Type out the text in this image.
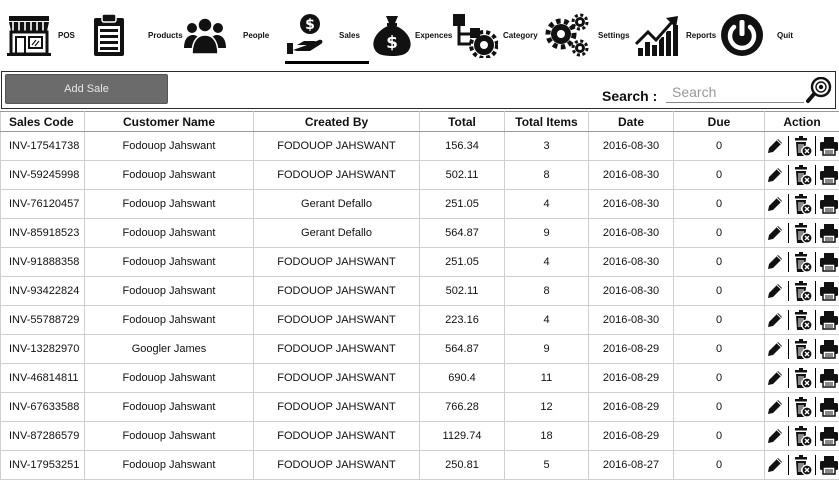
POS	Products	People
$
Sales $ Expences	Category	Settings	Reports	Quit
Add Sale	Search :
Search
Sales Code	Customer Name	Created By	Total	Total Items	Date	Due	Action
INV-17541738	Fodouop Jahswant	FODOUOP JAHSWANT	156.34	3	2016-08-30	0	

INV-59245998	Fodouop Jahswant	FODOUOP JAHSWANT	502.11	8	2016-08-30	0	

INV-76120457	Fodouop Jahswant	Gerant Defallo	251.05	4	2016-08-30	0	

INV-85918523	Fodouop Jahswant	Gerant Defallo	564.87	9	2016-08-30	0	

INV-91888358	Fodouop Jahswant	FODOUOP JAHSWANT	251.05	4	2016-08-30	0	

INV-93422824	Fodouop Jahswant	FODOUOP JAHSWANT	502.11	8	2016-08-30	0	

INV-55788729	Fodouop Jahswant	FODOUOP JAHSWANT	223.16	4	2016-08-30	0	

INV-13282970	Googler James	FODOUOP JAHSWANT	564.87	9	2016-08-29	0	

INV-46814811	Fodouop Jahswant	FODOUOP JAHSWANT	690.4	11	2016-08-29	0	

INV-67633588	Fodouop Jahswant	FODOUOP JAHSWANT	766.28	12	2016-08-29	0	

INV-87286579	Fodouop Jahswant	FODOUOP JAHSWANT	1129.74	18	2016-08-29	0	

INV-17953251	Fodouop Jahswant	FODOUOP JAHSWANT	250.81	5	2016-08-27	0	
